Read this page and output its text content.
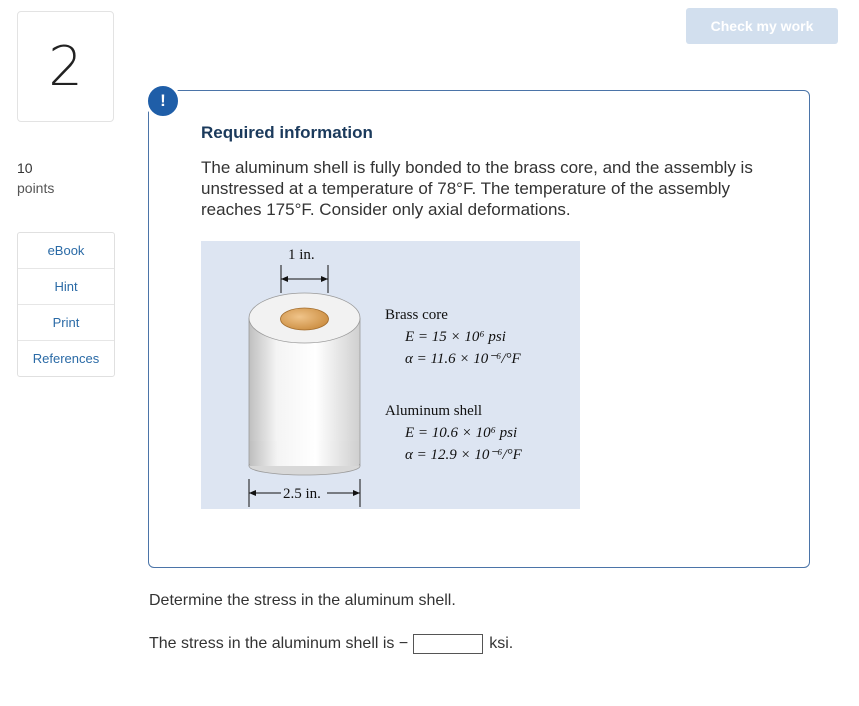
2
10
points
eBook
Hint
Print
References
Check my work
!
Required information
The aluminum shell is fully bonded to the brass core, and the assembly is unstressed at a temperature of 78°F. The temperature of the assembly reaches 175°F. Consider only axial deformations.
1 in.
2.5 in.
Brass core
E = 15 × 10⁶ psi
α = 11.6 × 10⁻⁶/°F
Aluminum shell
E = 10.6 × 10⁶ psi
α = 12.9 × 10⁻⁶/°F
Determine the stress in the aluminum shell.
The stress in the aluminum shell is −	ksi.
